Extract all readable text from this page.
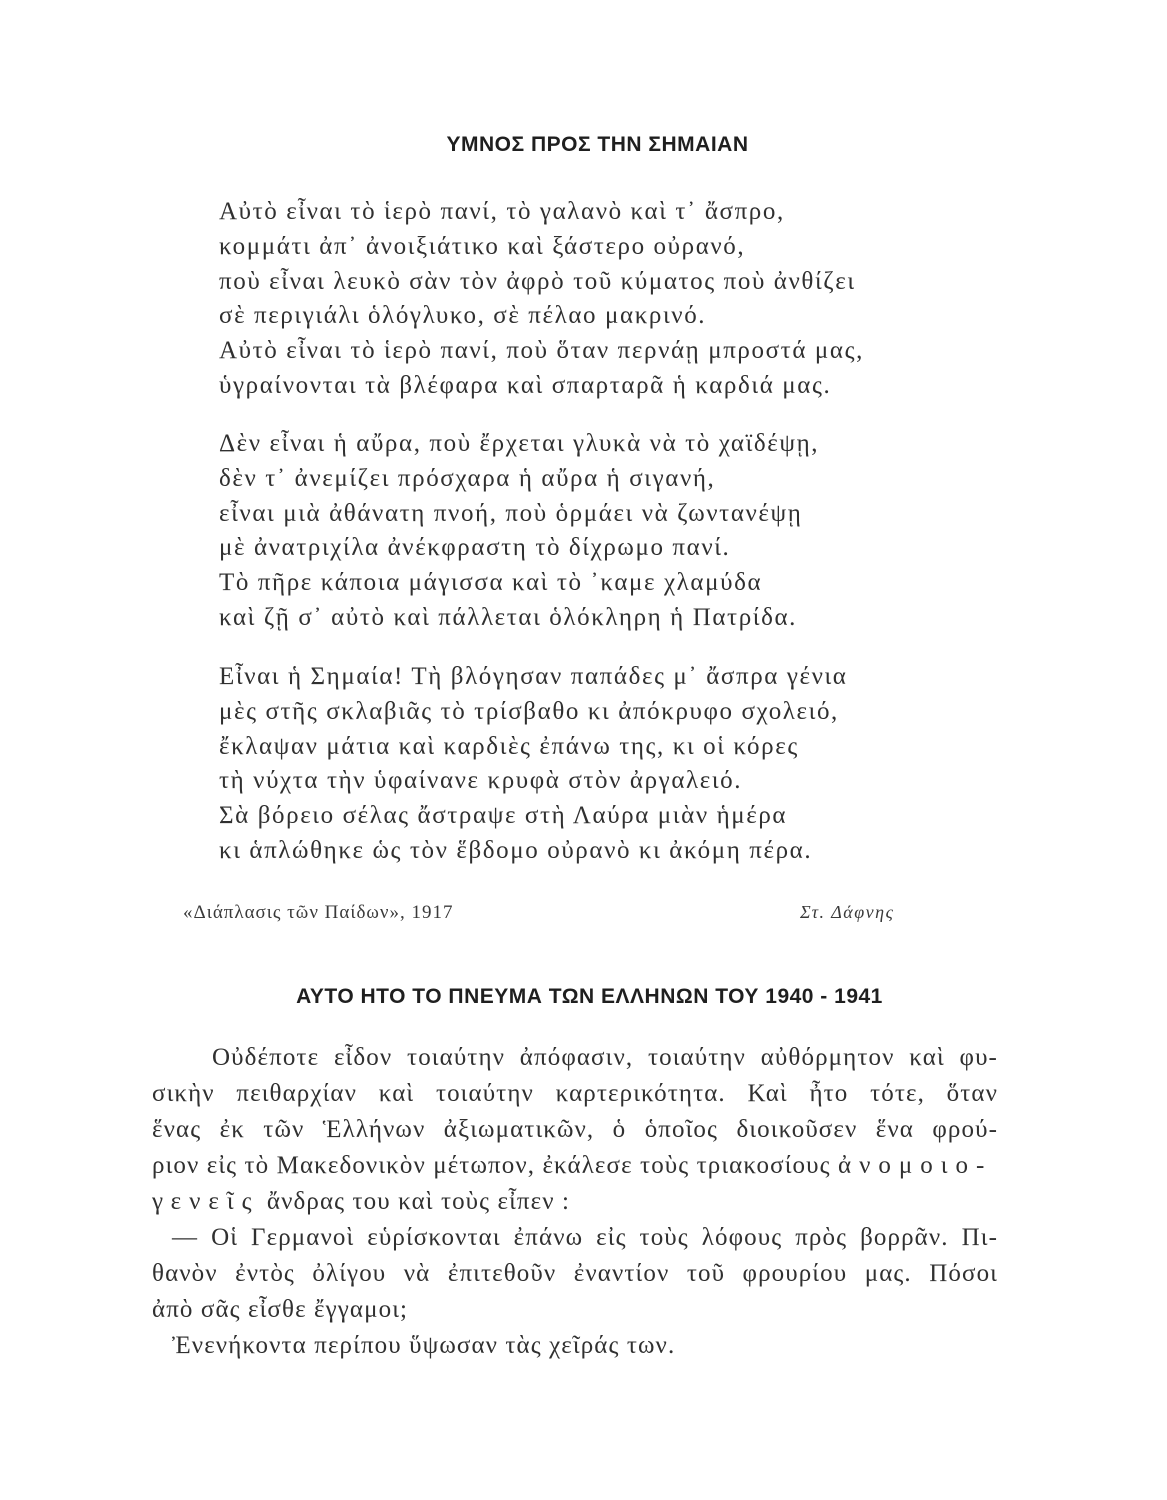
ΥΜΝΟΣ ΠΡΟΣ ΤΗΝ ΣΗΜΑΙΑΝ
Αὐτὸ εἶναι τὸ ἱερὸ πανί, τὸ γαλανὸ καὶ τ᾽ ἄσπρο,
κομμάτι ἀπ᾽ ἀνοιξιάτικο καὶ ξάστερο οὐρανό,
ποὺ εἶναι λευκὸ σὰν τὸν ἀφρὸ τοῦ κύματος ποὺ ἀνθίζει
σὲ περιγιάλι ὁλόγλυκο, σὲ πέλαο μακρινό.
Αὐτὸ εἶναι τὸ ἱερὸ πανί, ποὺ ὅταν περνάῃ μπροστά μας,
ὑγραίνονται τὰ βλέφαρα καὶ σπαρταρᾶ ἡ καρδιά μας.
Δὲν εἶναι ἡ αὔρα, ποὺ ἔρχεται γλυκὰ νὰ τὸ χαϊδέψῃ,
δὲν τ᾽ ἀνεμίζει πρόσχαρα ἡ αὔρα ἡ σιγανή,
εἶναι μιὰ ἀθάνατη πνοή, ποὺ ὁρμάει νὰ ζωντανέψῃ
μὲ ἀνατριχίλα ἀνέκφραστη τὸ δίχρωμο πανί.
Τὸ πῆρε κάποια μάγισσα καὶ τὸ ᾽καμε χλαμύδα
καὶ ζῇ σ᾽ αὐτὸ καὶ πάλλεται ὁλόκληρη ἡ Πατρίδα.
Εἶναι ἡ Σημαία! Τὴ βλόγησαν παπάδες μ᾽ ἄσπρα γένια
μὲς στῆς σκλαβιᾶς τὸ τρίσβαθο κι ἀπόκρυφο σχολειό,
ἔκλαψαν μάτια καὶ καρδιὲς ἐπάνω της, κι οἱ κόρες
τὴ νύχτα τὴν ὑφαίνανε κρυφὰ στὸν ἀργαλειό.
Σὰ βόρειο σέλας ἄστραψε στὴ Λαύρα μιὰν ἡμέρα
κι ἁπλώθηκε ὡς τὸν ἕβδομο οὐρανὸ κι ἀκόμη πέρα.
«Διάπλασις τῶν Παίδων», 1917	Στ. Δάφνης
ΑΥΤΟ ΗΤΟ ΤΟ ΠΝΕΥΜΑ ΤΩΝ ΕΛΛΗΝΩΝ ΤΟΥ 1940 - 1941
Οὐδέποτε εἶδον τοιαύτην ἀπόφασιν, τοιαύτην αὐθόρμητον καὶ φυ-
σικὴν πειθαρχίαν καὶ τοιαύτην καρτερικότητα. Καὶ ἦτο τότε, ὅταν
ἕνας ἐκ τῶν Ἑλλήνων ἀξιωματικῶν, ὁ ὁποῖος διοικοῦσεν ἕνα φρού-
ριον εἰς τὸ Μακεδονικὸν μέτωπον, ἐκάλεσε τοὺς τριακοσίους ἀνομοιο-
γενεῖς ἄνδρας του καὶ τοὺς εἶπεν :
— Οἱ Γερμανοὶ εὑρίσκονται ἐπάνω εἰς τοὺς λόφους πρὸς βορρᾶν. Πι-
θανὸν ἐντὸς ὀλίγου νὰ ἐπιτεθοῦν ἐναντίον τοῦ φρουρίου μας. Πόσοι
ἀπὸ σᾶς εἶσθε ἔγγαμοι;
Ἐνενήκοντα περίπου ὕψωσαν τὰς χεῖράς των.
